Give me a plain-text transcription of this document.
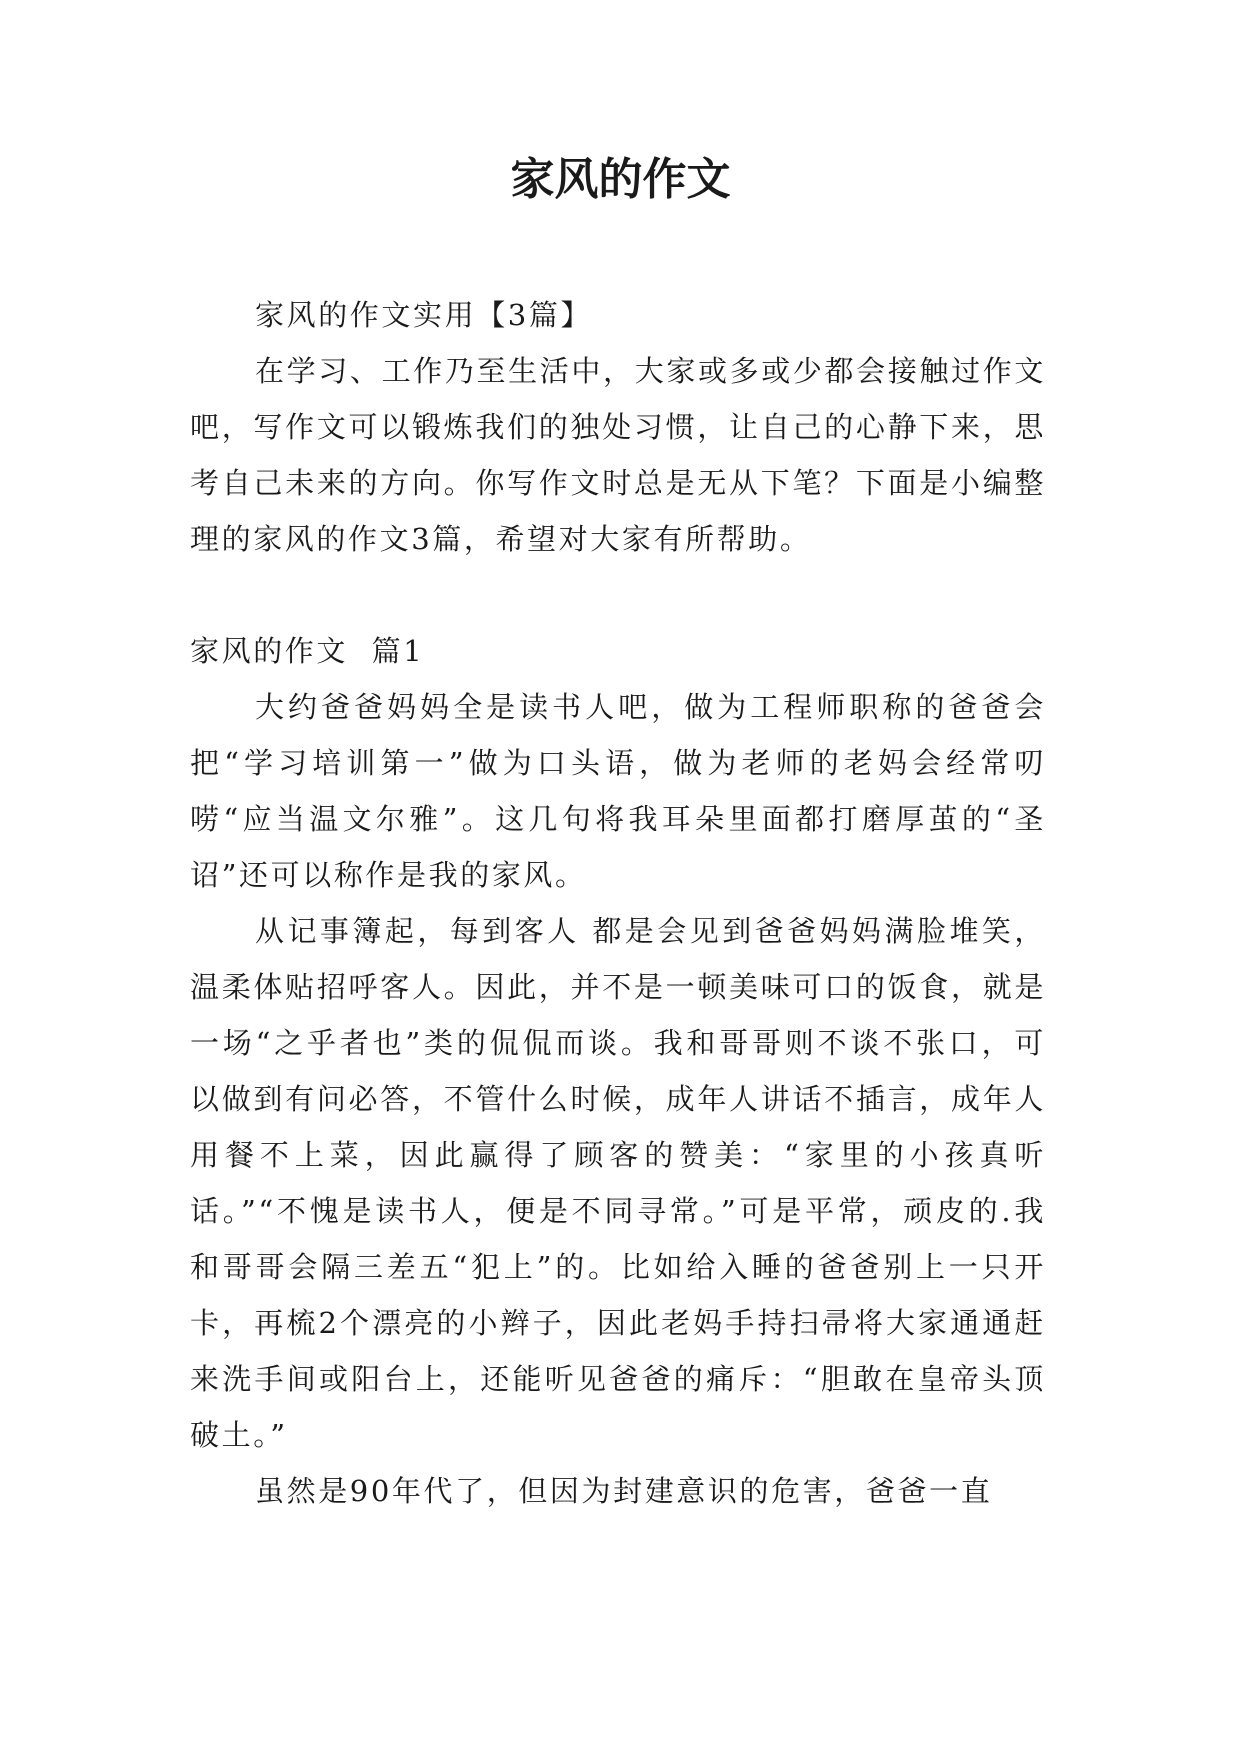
家风的作文

家风的作文实用【3篇】

在学习、工作乃至生活中，大家或多或少都会接触过作文吧，写作文可以锻炼我们的独处习惯，让自己的心静下来，思考自己未来的方向。你写作文时总是无从下笔？下面是小编整理的家风的作文3篇，希望对大家有所帮助。

家风的作文  篇1

大约爸爸妈妈全是读书人吧，做为工程师职称的爸爸会把“学习培训第一”做为口头语，做为老师的老妈会经常叨唠“应当温文尔雅”。这几句将我耳朵里面都打磨厚茧的“圣诏”还可以称作是我的家风。

从记事簿起，每到客人 都是会见到爸爸妈妈满脸堆笑，温柔体贴招呼客人。因此，并不是一顿美味可口的饭食，就是一场“之乎者也”类的侃侃而谈。我和哥哥则不谈不张口，可以做到有问必答，不管什么时候，成年人讲话不插言，成年人用餐不上菜，因此赢得了顾客的赞美：“家里的小孩真听话。”“不愧是读书人，便是不同寻常。”可是平常，顽皮的.我和哥哥会隔三差五“犯上”的。比如给入睡的爸爸别上一只开卡，再梳2个漂亮的小辫子，因此老妈手持扫帚将大家通通赶来洗手间或阳台上，还能听见爸爸的痛斥：“胆敢在皇帝头顶破土。”

虽然是90年代了，但因为封建意识的危害，爸爸一直
